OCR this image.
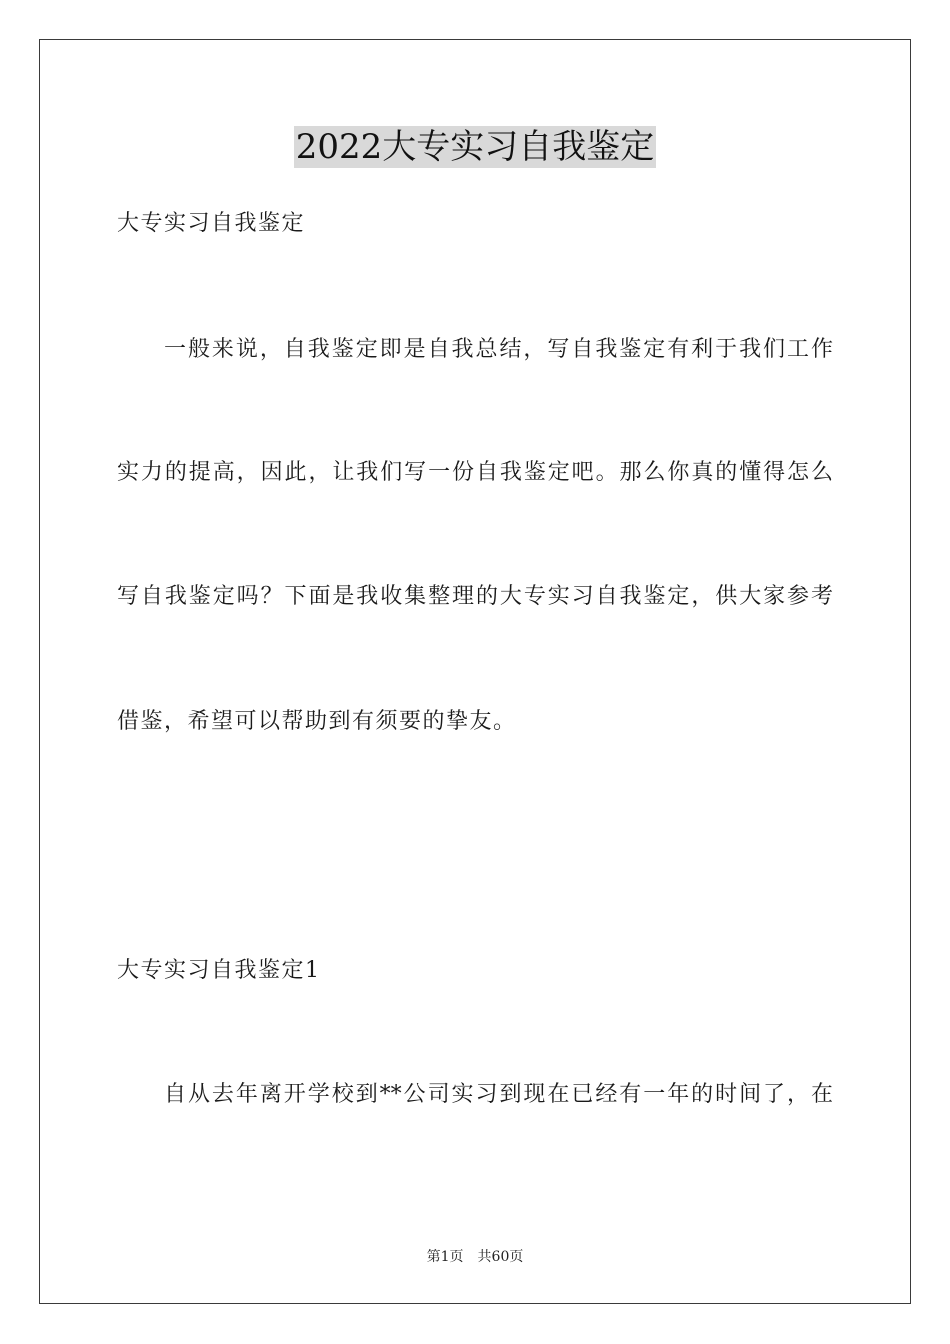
2022大专实习自我鉴定
大专实习自我鉴定
一般来说，自我鉴定即是自我总结，写自我鉴定有利于我们工作
实力的提高，因此，让我们写一份自我鉴定吧。那么你真的懂得怎么
写自我鉴定吗？下面是我收集整理的大专实习自我鉴定，供大家参考
借鉴，希望可以帮助到有须要的挚友。
大专实习自我鉴定1
自从去年离开学校到**公司实习到现在已经有一年的时间了，在
第1页 共60页
